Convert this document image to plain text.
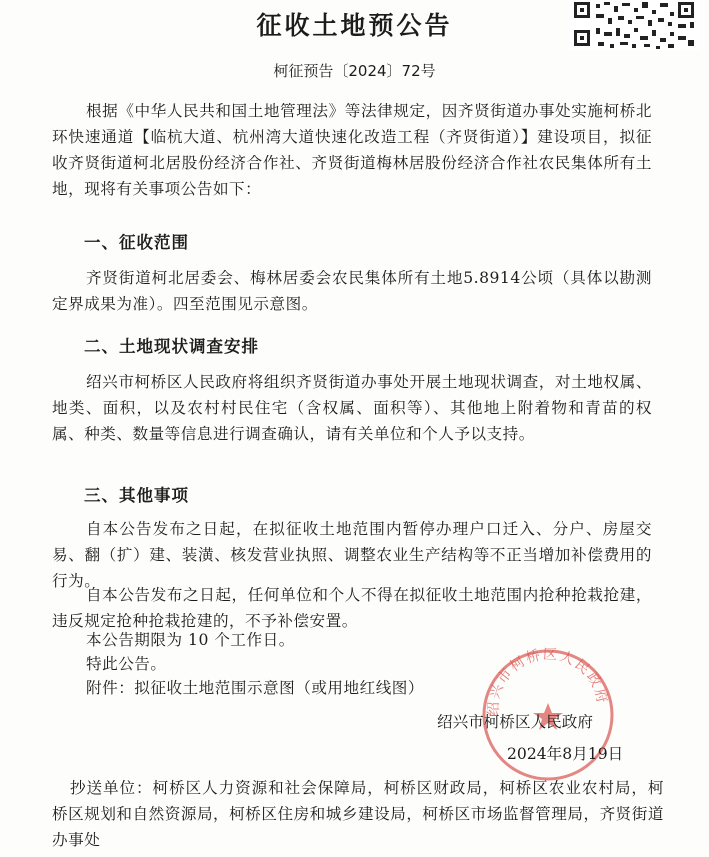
征收土地预公告
柯征预告〔2024〕72号

根据《中华人民共和国土地管理法》等法律规定，因齐贤街道办事处实施柯桥北环快速通道【临杭大道、杭州湾大道快速化改造工程（齐贤街道）】建设项目，拟征收齐贤街道柯北居股份经济合作社、齐贤街道梅林居股份经济合作社农民集体所有土地，现将有关事项公告如下：

一、征收范围

齐贤街道柯北居委会、梅林居委会农民集体所有土地5.8914公顷（具体以勘测定界成果为准）。四至范围见示意图。

二、土地现状调查安排

绍兴市柯桥区人民政府将组织齐贤街道办事处开展土地现状调查，对土地权属、地类、面积，以及农村村民住宅（含权属、面积等）、其他地上附着物和青苗的权属、种类、数量等信息进行调查确认，请有关单位和个人予以支持。

三、其他事项

自本公告发布之日起，在拟征收土地范围内暂停办理户口迁入、分户、房屋交易、翻（扩）建、装潢、核发营业执照、调整农业生产结构等不正当增加补偿费用的行为。

自本公告发布之日起，任何单位和个人不得在拟征收土地范围内抢种抢栽抢建，违反规定抢种抢栽抢建的，不予补偿安置。

本公告期限为 10 个工作日。
特此公告。
附件：拟征收土地范围示意图（或用地红线图）
绍兴市柯桥区人民政府
绍兴市柯桥区人民政府
2024年8月19日

抄送单位：柯桥区人力资源和社会保障局，柯桥区财政局，柯桥区农业农村局，柯桥区规划和自然资源局，柯桥区住房和城乡建设局，柯桥区市场监督管理局，齐贤街道办事处
